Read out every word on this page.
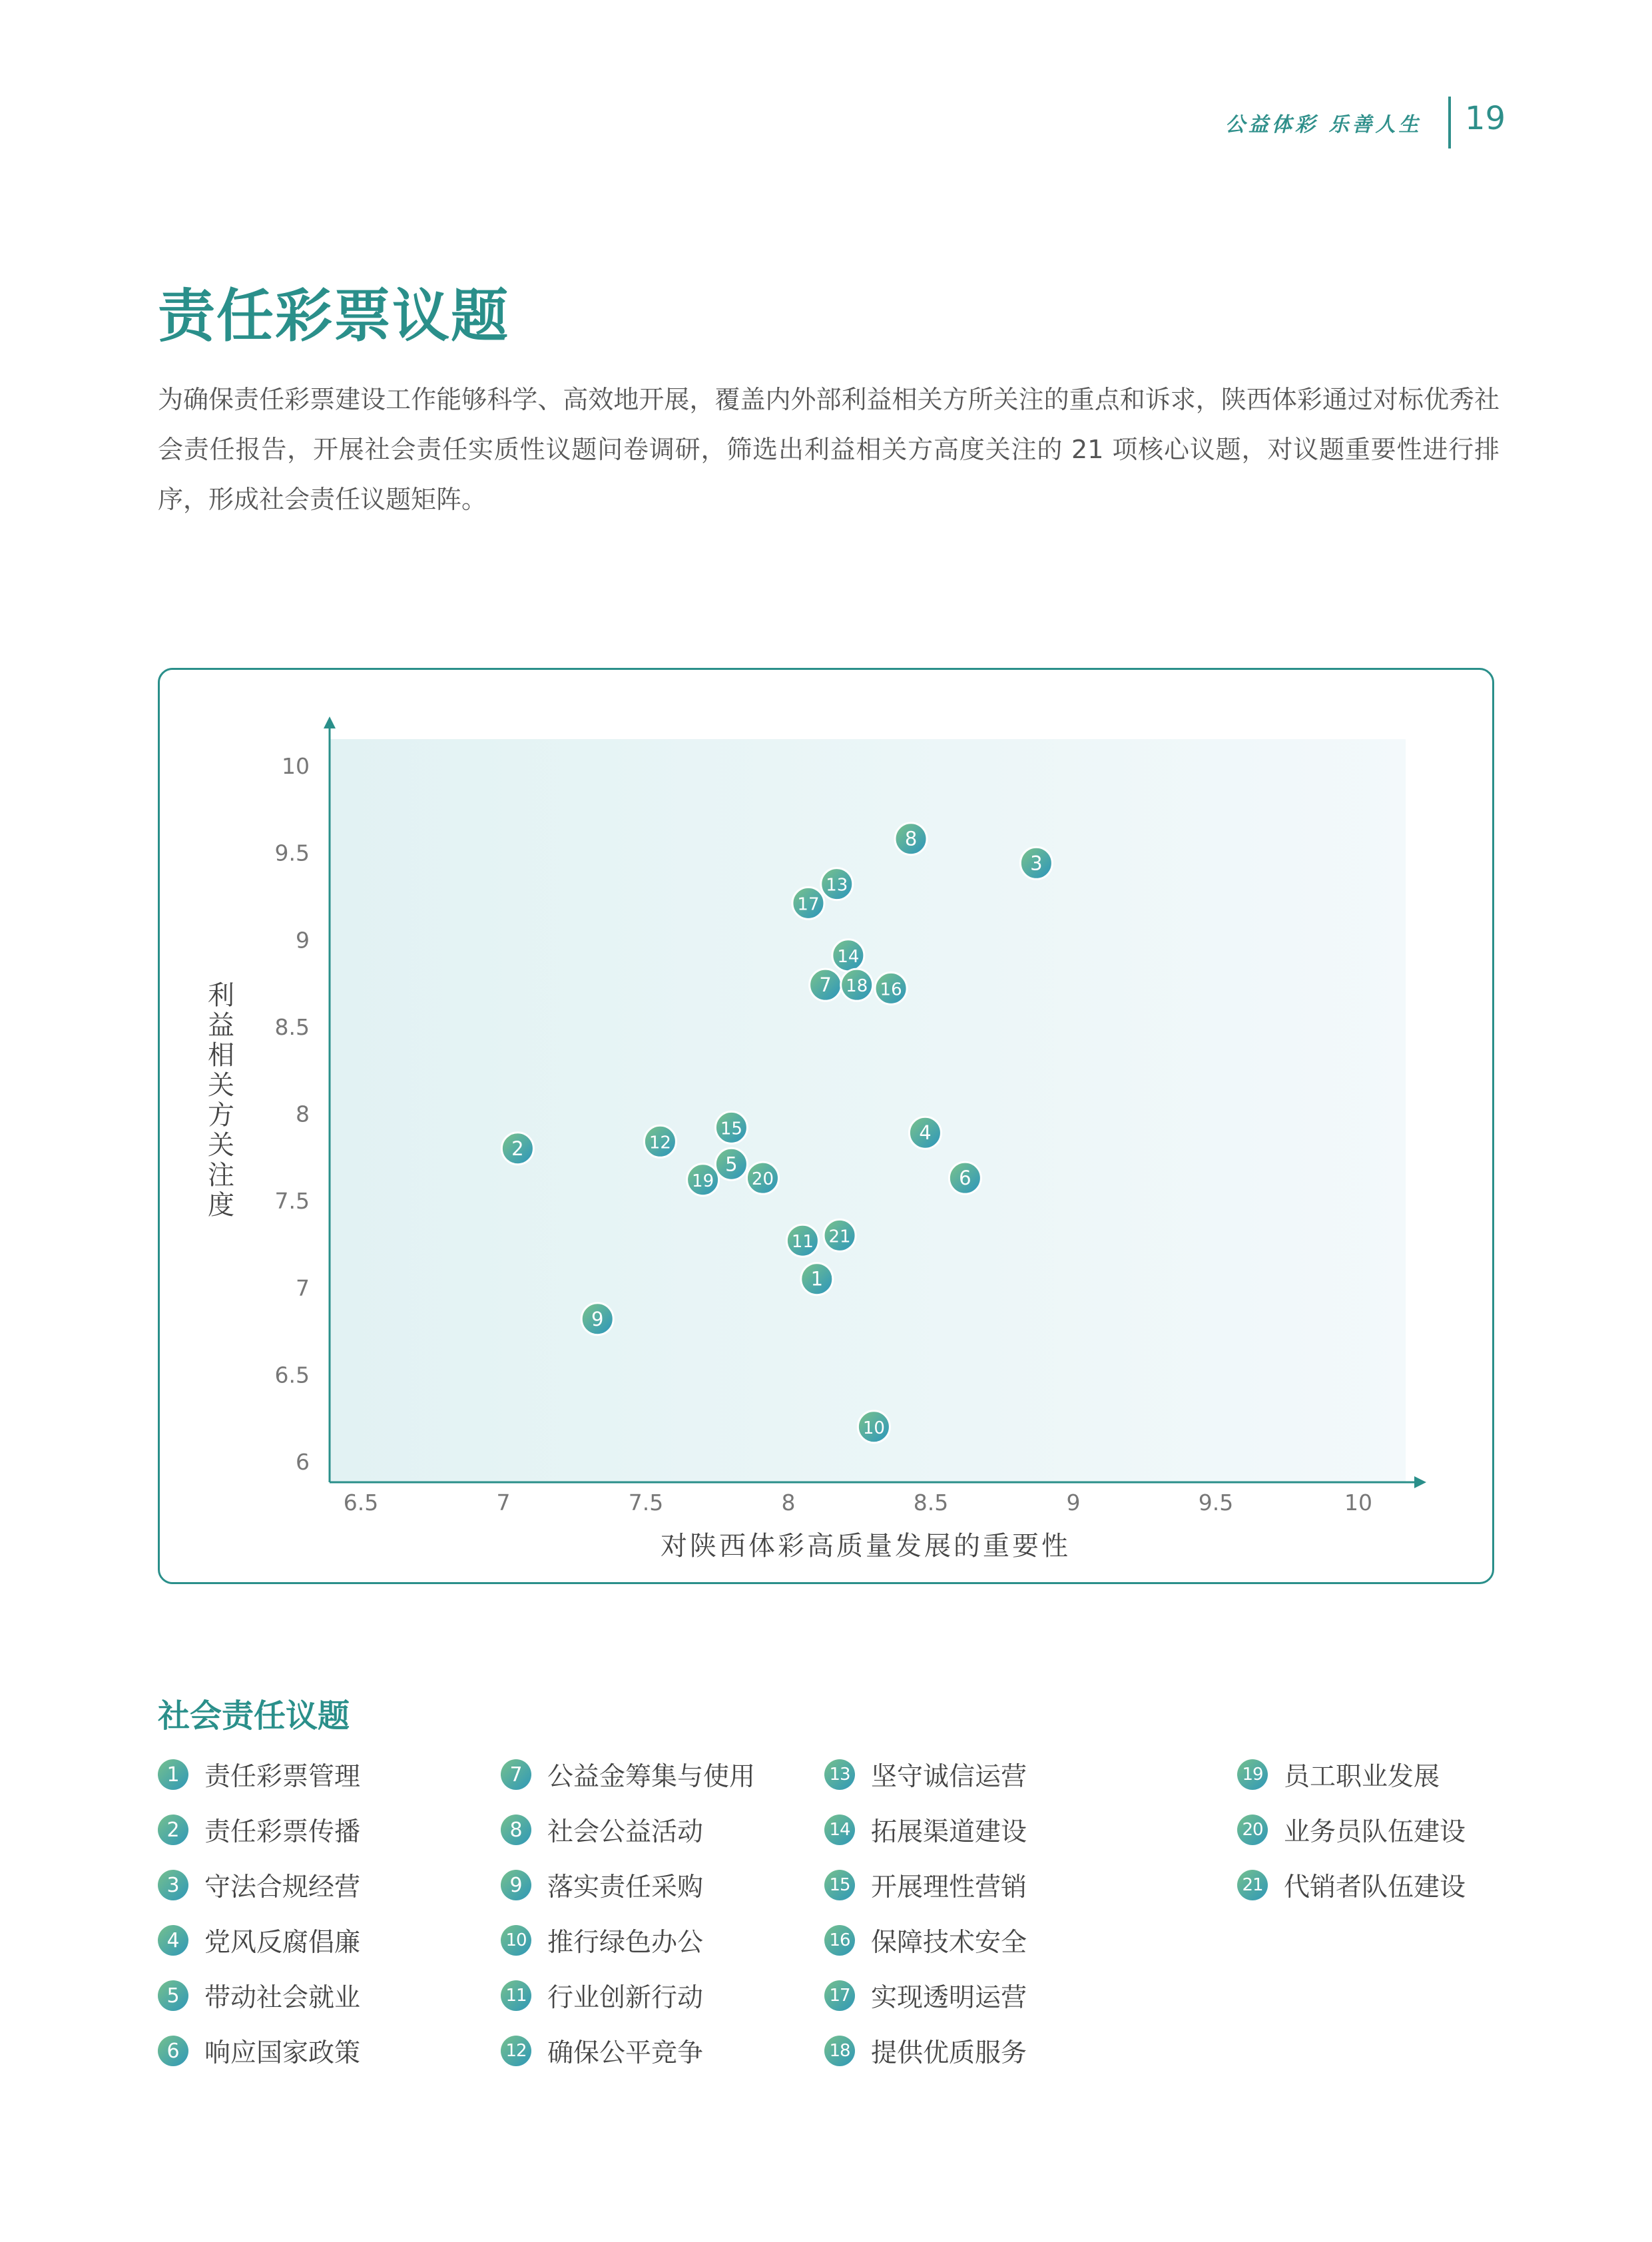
公益体彩 乐善人生 19
责任彩票议题

为确保责任彩票建设工作能够科学、高效地开展，覆盖内外部利益相关方所关注的重点和诉求，陕西体彩通过对标优秀社会责任报告，开展社会责任实质性议题问卷调研，筛选出利益相关方高度关注的 21 项核心议题，对议题重要性进行排序，形成社会责任议题矩阵。

6.5	7	7.5	8	8.5	9	9.5	10
10
9.5
9
8.5
8
7.5
7
6.5
6
对陕西体彩高质量发展的重要性
利益相关方关注度
1
2
3
4
5
6
7
8
9
10
11
12
13
14
15
16
17
18
19 20
21
社会责任议题
1 责任彩票管理
2 责任彩票传播
3 守法合规经营
4 党风反腐倡廉
5 带动社会就业
6 响应国家政策
7 公益金筹集与使用
8 社会公益活动
9 落实责任采购
10 推行绿色办公
11 行业创新行动
12 确保公平竞争
13 坚守诚信运营
14 拓展渠道建设
15 开展理性营销
16 保障技术安全
17 实现透明运营
18 提供优质服务
19 员工职业发展
20 业务员队伍建设
21 代销者队伍建设
